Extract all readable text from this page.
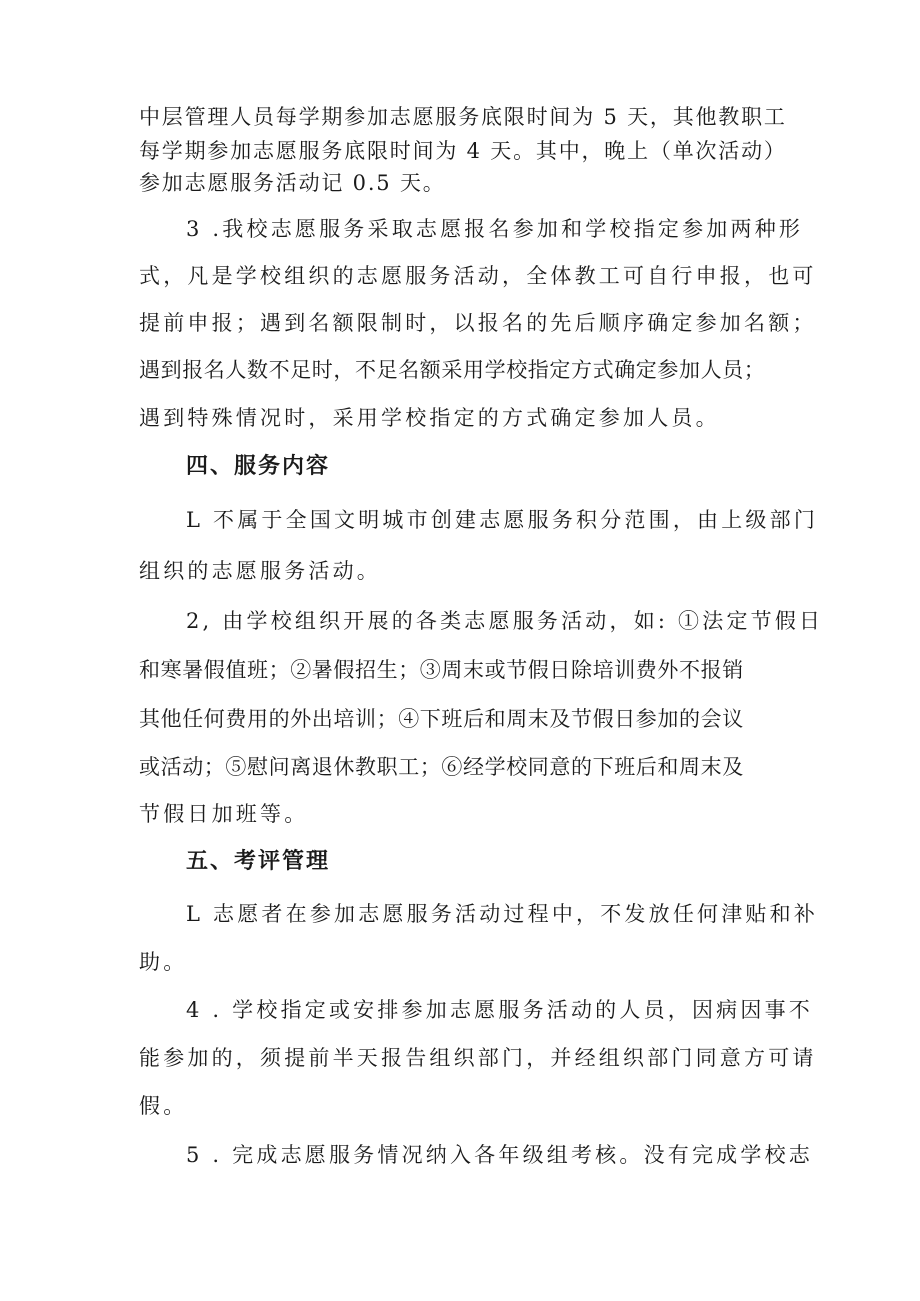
中层管理人员每学期参加志愿服务底限时间为 5 天，其他教职工
每学期参加志愿服务底限时间为 4 天。其中，晚上（单次活动）
参加志愿服务活动记 0.5 天。
3 .我校志愿服务采取志愿报名参加和学校指定参加两种形
式，凡是学校组织的志愿服务活动，全体教工可自行申报，也可
提前申报；遇到名额限制时，以报名的先后顺序确定参加名额；
遇到报名人数不足时，不足名额采用学校指定方式确定参加人员；
遇到特殊情况时，采用学校指定的方式确定参加人员。
四、服务内容
L 不属于全国文明城市创建志愿服务积分范围，由上级部门
组织的志愿服务活动。
2, 由学校组织开展的各类志愿服务活动，如: ①法定节假日
和寒暑假值班；②暑假招生；③周末或节假日除培训费外不报销
其他任何费用的外出培训；④下班后和周末及节假日参加的会议
或活动；⑤慰问离退休教职工；⑥经学校同意的下班后和周末及
节假日加班等。
五、考评管理
L 志愿者在参加志愿服务活动过程中，不发放任何津贴和补
助。
4 . 学校指定或安排参加志愿服务活动的人员，因病因事不
能参加的，须提前半天报告组织部门，并经组织部门同意方可请
假。
5 . 完成志愿服务情况纳入各年级组考核。没有完成学校志
